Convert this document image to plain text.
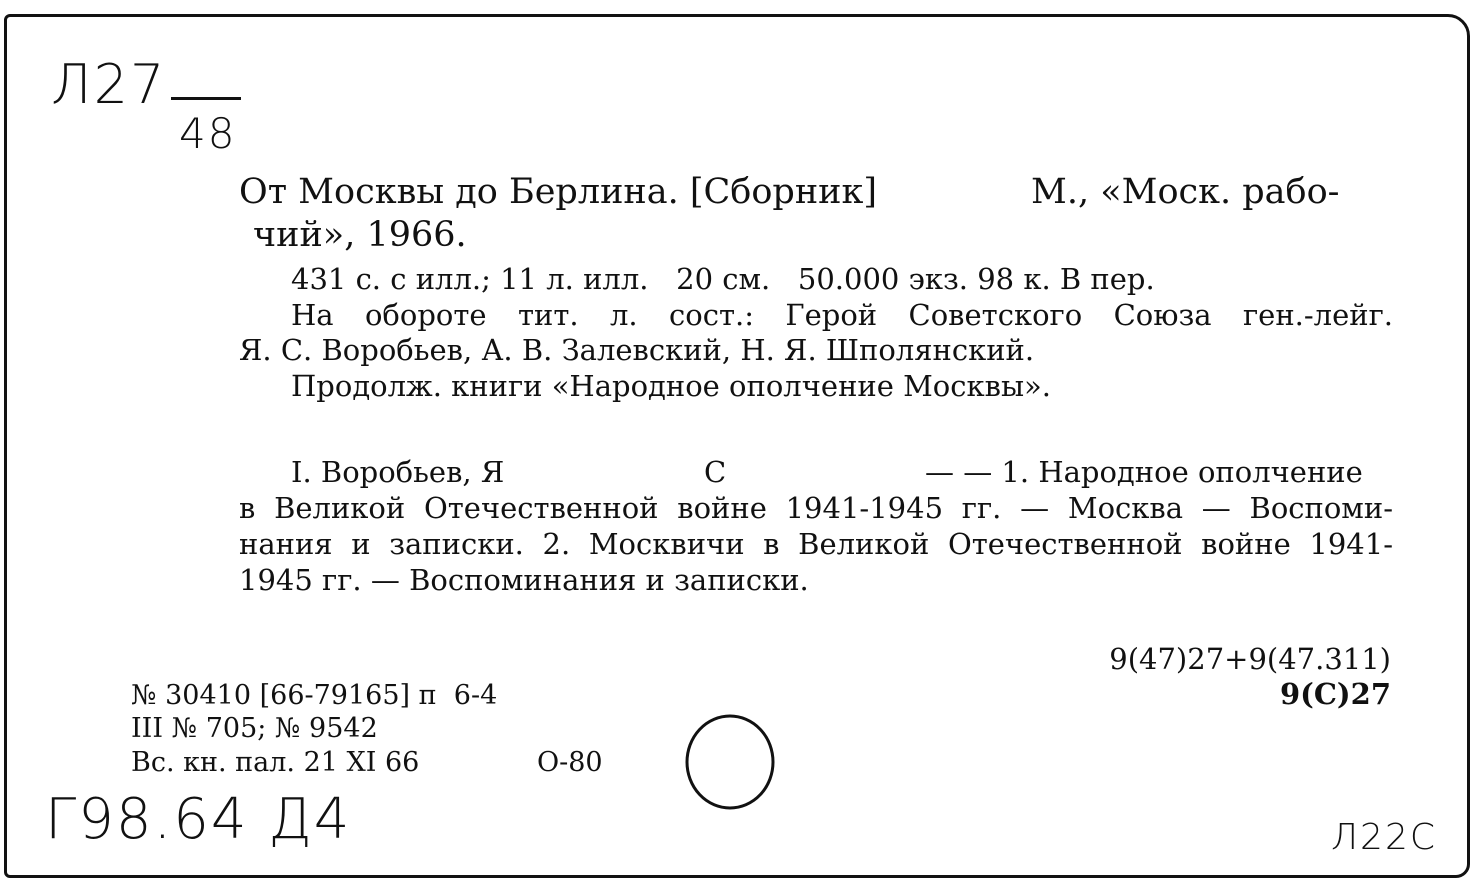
Л27
48
От Москвы до Берлина. [Сборник]	М., «Моск. рабо-
чий», 1966.
431 с. с илл.; 11 л. илл.   20 см.   50.000 экз. 98 к. В пер.
На обороте тит. л. сост.: Герой Советского Союза ген.-лейг.
Я. С. Воробьев, А. В. Залевский, Н. Я. Шполянский.
Продолж. книги «Народное ополчение Москвы».
I. Воробьев, Я	С	— — 1. Народное ополчение
в Великой Отечественной войне 1941-1945 гг. — Москва — Воспоми-
нания и записки. 2. Москвичи в Великой Отечественной войне 1941-
1945 гг. — Воспоминания и записки.
9(47)27+9(47.311)
9(С)27
№ 30410 [66-79165] п  6-4
III № 705; № 9542
Вс. кн. пал. 21 XI 66	О-80
Г98.64 Д4	Л22С
